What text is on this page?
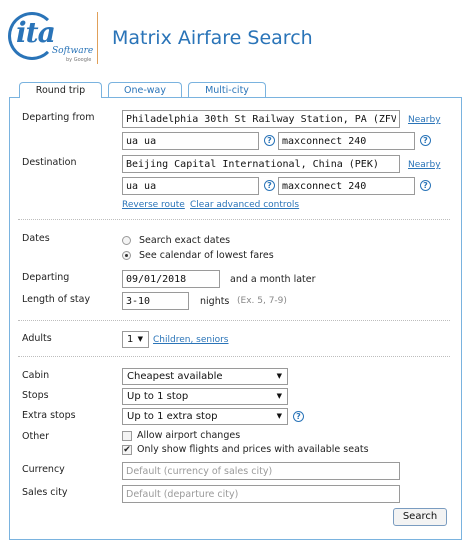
ita
Software
by Google
Matrix Airfare Search
Round trip	One-way	Multi-city
Departing from
Philadelphia 30th St Railway Station, PA (ZFV)	Nearby
ua ua
?
maxconnect 240	?
Destination
Beijing Capital International, China (PEK)	Nearby
ua ua
?
maxconnect 240	?
Reverse route Clear advanced controls
Dates	Search exact dates
See calendar of lowest fares
Departing
09/01/2018	and a month later
Length of stay
3-10	nights (Ex. 5, 7-9)
Adults	1 ▼ Children, seniors
Cabin	Cheapest available	▼
Stops	Up to 1 stop	▼
Extra stops	Up to 1 extra stop	▼	?
Other	Allow airport changes
✔ Only show flights and prices with available seats
Currency
Default (currency of sales city)
Sales city
Default (departure city)
Search
